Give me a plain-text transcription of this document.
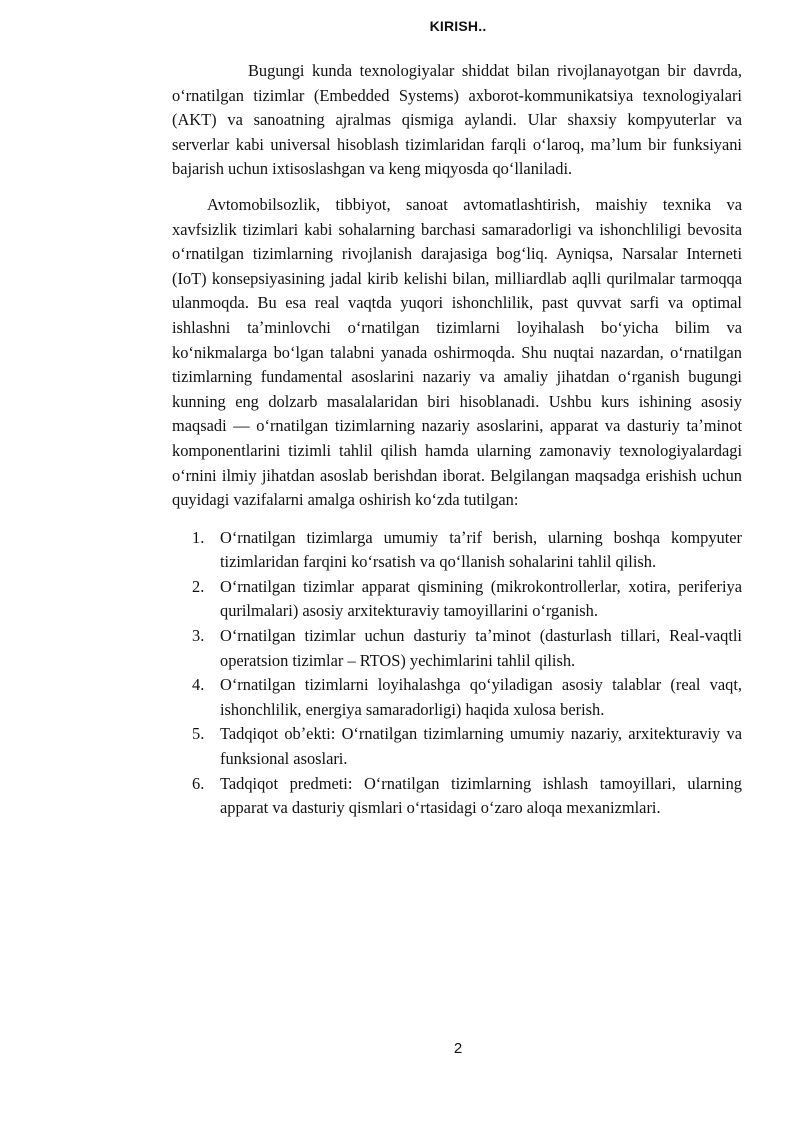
KIRISH..

Bugungi kunda texnologiyalar shiddat bilan rivojlanayotgan bir davrda, oʻrnatilgan tizimlar (Embedded Systems) axborot-kommunikatsiya texnologiyalari (AKT) va sanoatning ajralmas qismiga aylandi. Ular shaxsiy kompyuterlar va serverlar kabi universal hisoblash tizimlaridan farqli oʻlaroq, maʼlum bir funksiyani bajarish uchun ixtisoslashgan va keng miqyosda qoʻllaniladi.

Avtomobilsozlik, tibbiyot, sanoat avtomatlashtirish, maishiy texnika va xavfsizlik tizimlari kabi sohalarning barchasi samaradorligi va ishonchliligi bevosita oʻrnatilgan tizimlarning rivojlanish darajasiga bogʻliq. Ayniqsa, Narsalar Interneti (IoT) konsepsiyasining jadal kirib kelishi bilan, milliardlab aqlli qurilmalar tarmoqqa ulanmoqda. Bu esa real vaqtda yuqori ishonchlilik, past quvvat sarfi va optimal ishlashni taʼminlovchi oʻrnatilgan tizimlarni loyihalash boʻyicha bilim va koʻnikmalarga boʻlgan talabni yanada oshirmoqda. Shu nuqtai nazardan, oʻrnatilgan tizimlarning fundamental asoslarini nazariy va amaliy jihatdan oʻrganish bugungi kunning eng dolzarb masalalaridan biri hisoblanadi. Ushbu kurs ishining asosiy maqsadi — oʻrnatilgan tizimlarning nazariy asoslarini, apparat va dasturiy taʼminot komponentlarini tizimli tahlil qilish hamda ularning zamonaviy texnologiyalardagi oʻrnini ilmiy jihatdan asoslab berishdan iborat. Belgilangan maqsadga erishish uchun quyidagi vazifalarni amalga oshirish koʻzda tutilgan:

1. Oʻrnatilgan tizimlarga umumiy taʼrif berish, ularning boshqa kompyuter tizimlaridan farqini koʻrsatish va qoʻllanish sohalarini tahlil qilish.
2. Oʻrnatilgan tizimlar apparat qismining (mikrokontrollerlar, xotira, periferiya qurilmalari) asosiy arxitekturaviy tamoyillarini oʻrganish.
3. Oʻrnatilgan tizimlar uchun dasturiy taʼminot (dasturlash tillari, Real-vaqtli operatsion tizimlar – RTOS) yechimlarini tahlil qilish.
4. Oʻrnatilgan tizimlarni loyihalashga qoʻyiladigan asosiy talablar (real vaqt, ishonchlilik, energiya samaradorligi) haqida xulosa berish.
5. Tadqiqot obʼekti: Oʻrnatilgan tizimlarning umumiy nazariy, arxitekturaviy va funksional asoslari.
6. Tadqiqot predmeti: Oʻrnatilgan tizimlarning ishlash tamoyillari, ularning apparat va dasturiy qismlari oʻrtasidagi oʻzaro aloqa mexanizmlari.
2
